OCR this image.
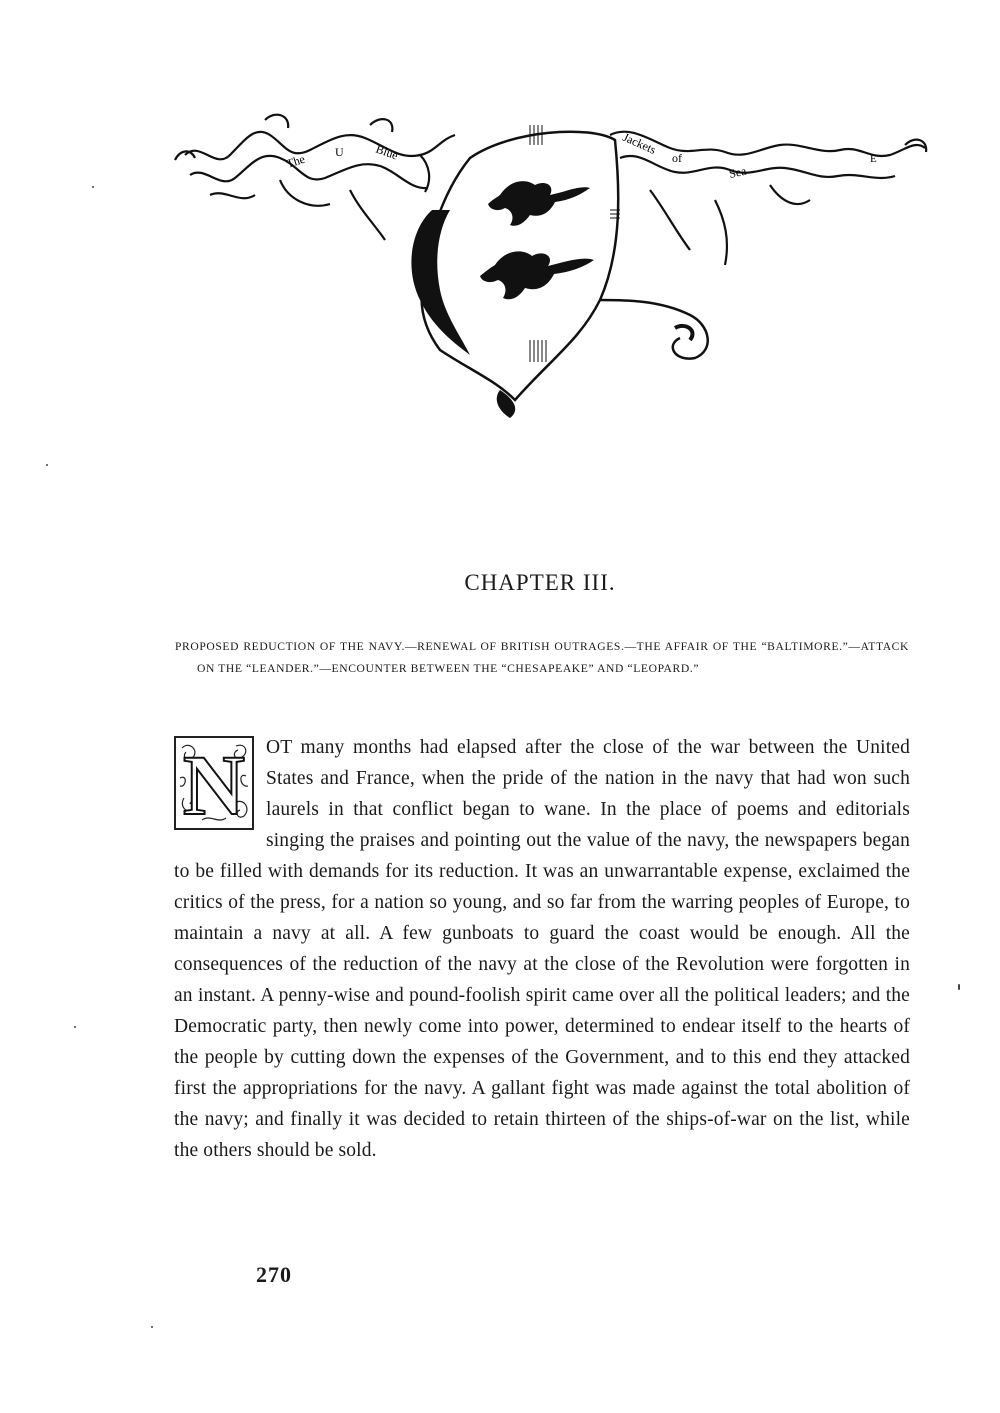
The U	Blue	Jackets
of
Sea
E
CHAPTER III.
PROPOSED REDUCTION OF THE NAVY.—RENEWAL OF BRITISH OUTRAGES.—THE AFFAIR OF THE “BALTIMORE.”—ATTACK ON THE “LEANDER.”—ENCOUNTER BETWEEN THE “CHESAPEAKE” AND “LEOPARD.”
N	OT many months had elapsed after the close of the war between the United States and France, when the pride of the nation in the navy that had won such laurels in that conflict began to wane. In the place of poems and editorials singing the praises and pointing out the value of the navy, the newspapers began to be filled with demands for its reduction. It was an unwarrantable expense, exclaimed the critics of the press, for a nation so young, and so far from the warring peoples of Europe, to maintain a navy at all. A few gunboats to guard the coast would be enough. All the consequences of the reduction of the navy at the close of the Revolution were forgotten in an instant. A penny-wise and pound-foolish spirit came over all the political leaders; and the Democratic party, then newly come into power, determined to endear itself to the hearts of the people by cutting down the expenses of the Government, and to this end they attacked first the appropriations for the navy. A gallant fight was made against the total abolition of the navy; and finally it was decided to retain thirteen of the ships-of-war on the list, while the others should be sold.
270
